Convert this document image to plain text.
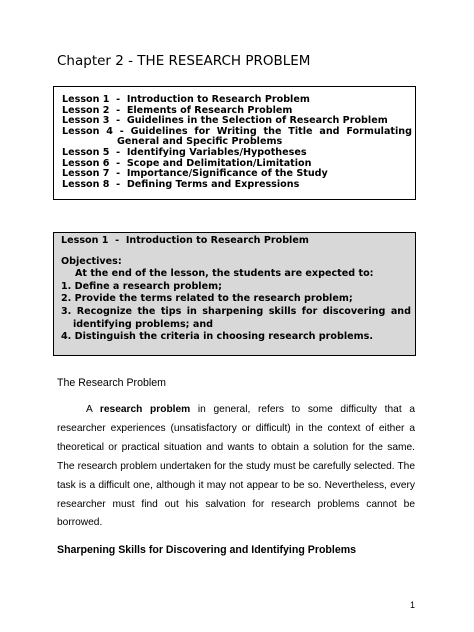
Chapter 2 - THE RESEARCH PROBLEM
Lesson 1  -  Introduction to Research Problem
Lesson 2  -  Elements of Research Problem
Lesson 3  -  Guidelines in the Selection of Research Problem
Lesson 4 - Guidelines for Writing the Title and Formulating
General and Specific Problems
Lesson 5  -  Identifying Variables/Hypotheses
Lesson 6  -  Scope and Delimitation/Limitation
Lesson 7  -  Importance/Significance of the Study
Lesson 8  -  Defining Terms and Expressions
Lesson 1  -  Introduction to Research Problem
Objectives:
At the end of the lesson, the students are expected to:
1. Define a research problem;
2. Provide the terms related to the research problem;
3. Recognize the tips in sharpening skills for discovering and
identifying problems; and
4. Distinguish the criteria in choosing research problems.
The Research Problem

A research problem in general, refers to some difficulty that a researcher experiences (unsatisfactory or difficult) in the context of either a theoretical or practical situation and wants to obtain a solution for the same. The research problem undertaken for the study must be carefully selected. The task is a difficult one, although it may not appear to be so. Nevertheless, every researcher must find out his salvation for research problems cannot be borrowed.

Sharpening Skills for Discovering and Identifying Problems
1
